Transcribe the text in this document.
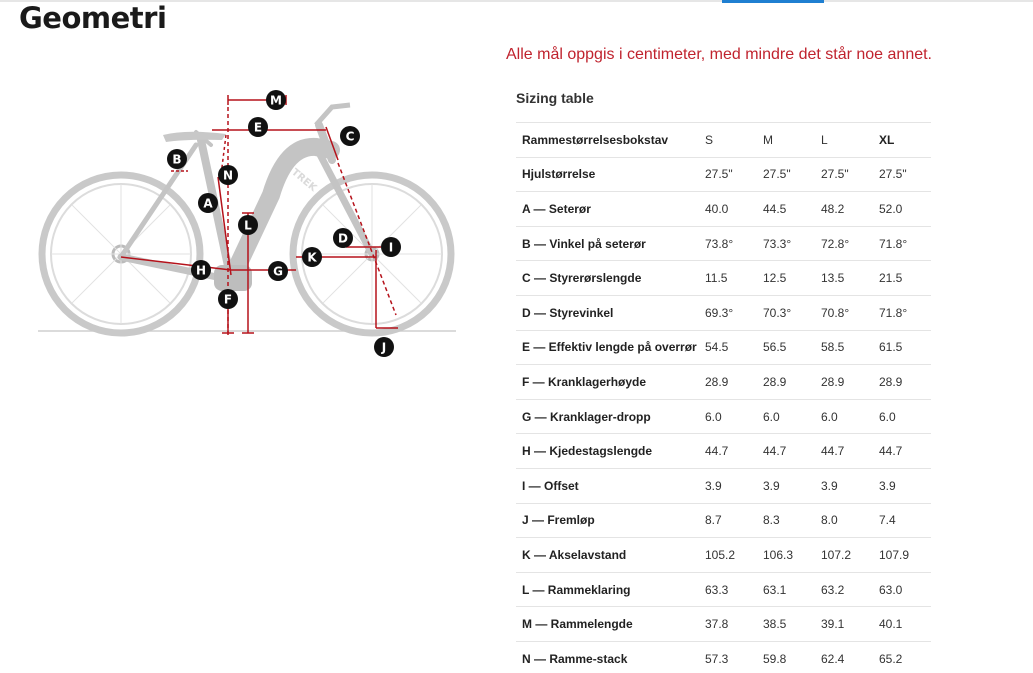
Geometri
TREK
M
E
C
B
N
A
L
D
I
K
H	G
F
J
Alle mål oppgis i centimeter, med mindre det står noe annet.
Sizing table
Rammestørrelsesbokstav	S	M	L	XL
Hjulstørrelse	27.5"	27.5"	27.5"	27.5"
A — Seterør	40.0	44.5	48.2	52.0
B — Vinkel på seterør	73.8°	73.3°	72.8°	71.8°
C — Styrerørslengde	11.5	12.5	13.5	21.5
D — Styrevinkel	69.3°	70.3°	70.8°	71.8°
E — Effektiv lengde på overrør	54.5	56.5	58.5	61.5
F — Kranklagerhøyde	28.9	28.9	28.9	28.9
G — Kranklager-dropp	6.0	6.0	6.0	6.0
H — Kjedestagslengde	44.7	44.7	44.7	44.7
I — Offset	3.9	3.9	3.9	3.9
J — Fremløp	8.7	8.3	8.0	7.4
K — Akselavstand	105.2	106.3	107.2	107.9
L — Rammeklaring	63.3	63.1	63.2	63.0
M — Rammelengde	37.8	38.5	39.1	40.1
N — Ramme-stack	57.3	59.8	62.4	65.2
